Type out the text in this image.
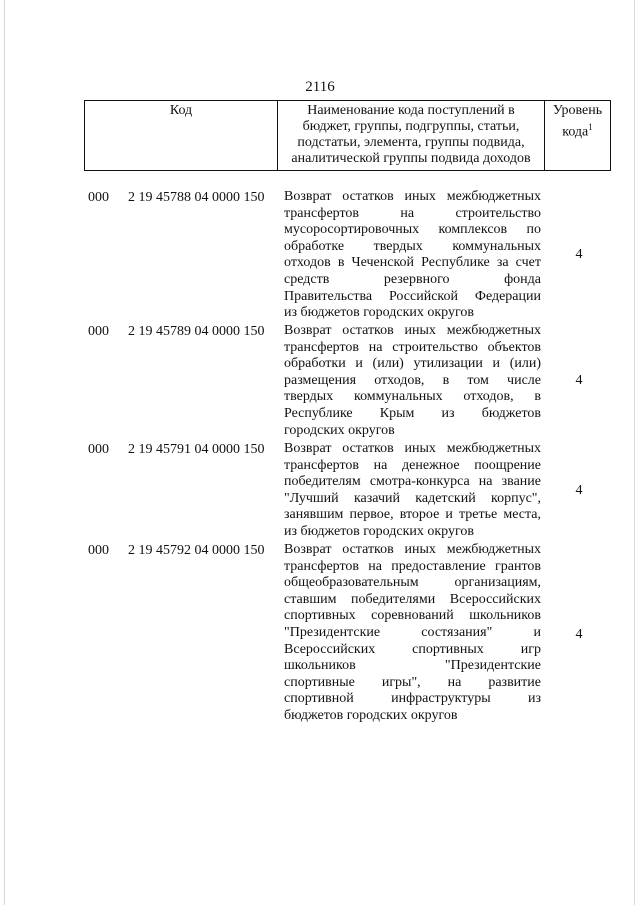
2116
Код	Наименование кода поступлений в
бюджет, группы, подгруппы, статьи,
подстатьи, элемента, группы подвида,
аналитической группы подвида доходов
Уровень
кода$^1$
000 2 19 45788 04 0000 150 Возврат остатков иных межбюджетных
трансфертов на строительство
мусоросортировочных комплексов по
обработке твердых коммунальных
отходов в Чеченской Республике за счет
средств резервного фонда
Правительства Российской Федерации
из бюджетов городских округов
4
000 2 19 45789 04 0000 150 Возврат остатков иных межбюджетных
трансфертов на строительство объектов
обработки и (или) утилизации и (или)
размещения отходов, в том числе
твердых коммунальных отходов, в
Республике Крым из бюджетов
городских округов
4
000 2 19 45791 04 0000 150 Возврат остатков иных межбюджетных
трансфертов на денежное поощрение
победителям смотра-конкурса на звание
"Лучший казачий кадетский корпус",
занявшим первое, второе и третье места,
из бюджетов городских округов
4
000 2 19 45792 04 0000 150 Возврат остатков иных межбюджетных
трансфертов на предоставление грантов
общеобразовательным организациям,
ставшим победителями Всероссийских
спортивных соревнований школьников
"Президентские состязания" и
Всероссийских спортивных игр
школьников "Президентские
спортивные игры", на развитие
спортивной инфраструктуры из
бюджетов городских округов
4
